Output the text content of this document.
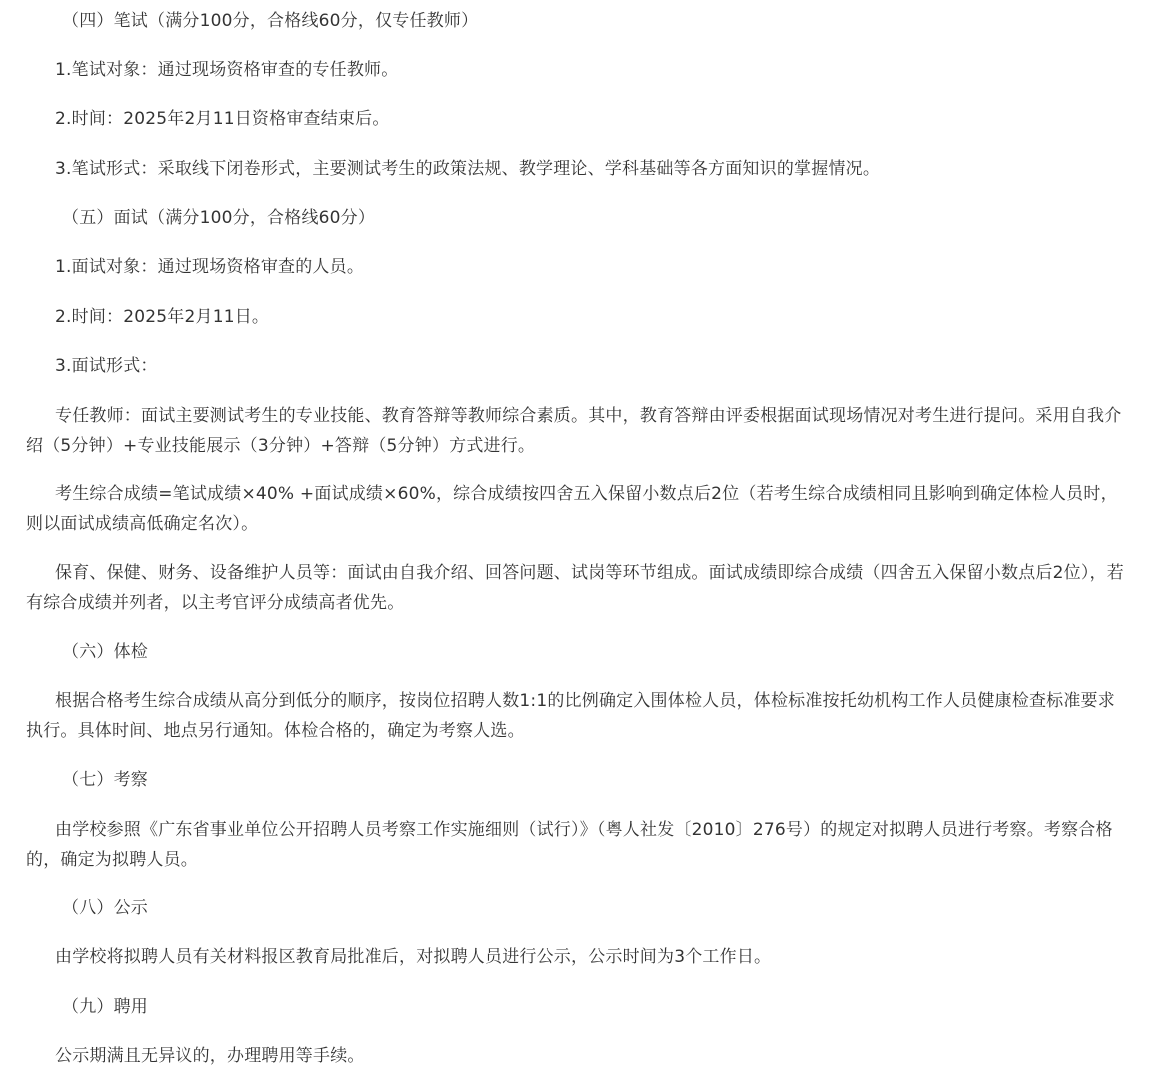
（四）笔试（满分100分，合格线60分，仅专任教师）

1.笔试对象：通过现场资格审查的专任教师。

2.时间：2025年2月11日资格审查结束后。

3.笔试形式：采取线下闭卷形式，主要测试考生的政策法规、教学理论、学科基础等各方面知识的掌握情况。

（五）面试（满分100分，合格线60分）

1.面试对象：通过现场资格审查的人员。

2.时间：2025年2月11日。

3.面试形式：

专任教师：面试主要测试考生的专业技能、教育答辩等教师综合素质。其中，教育答辩由评委根据面试现场情况对考生进行提问。采用自我介绍（5分钟）+专业技能展示（3分钟）+答辩（5分钟）方式进行。

考生综合成绩=笔试成绩×40% +面试成绩×60%，综合成绩按四舍五入保留小数点后2位（若考生综合成绩相同且影响到确定体检人员时，则以面试成绩高低确定名次）。

保育、保健、财务、设备维护人员等：面试由自我介绍、回答问题、试岗等环节组成。面试成绩即综合成绩（四舍五入保留小数点后2位），若有综合成绩并列者，以主考官评分成绩高者优先。

（六）体检

根据合格考生综合成绩从高分到低分的顺序，按岗位招聘人数1:1的比例确定入围体检人员，体检标准按托幼机构工作人员健康检查标准要求执行。具体时间、地点另行通知。体检合格的，确定为考察人选。

（七）考察

由学校参照《广东省事业单位公开招聘人员考察工作实施细则（试行）》（粤人社发〔2010〕276号）的规定对拟聘人员进行考察。考察合格的，确定为拟聘人员。

（八）公示

由学校将拟聘人员有关材料报区教育局批准后，对拟聘人员进行公示，公示时间为3个工作日。

（九）聘用

公示期满且无异议的，办理聘用等手续。
